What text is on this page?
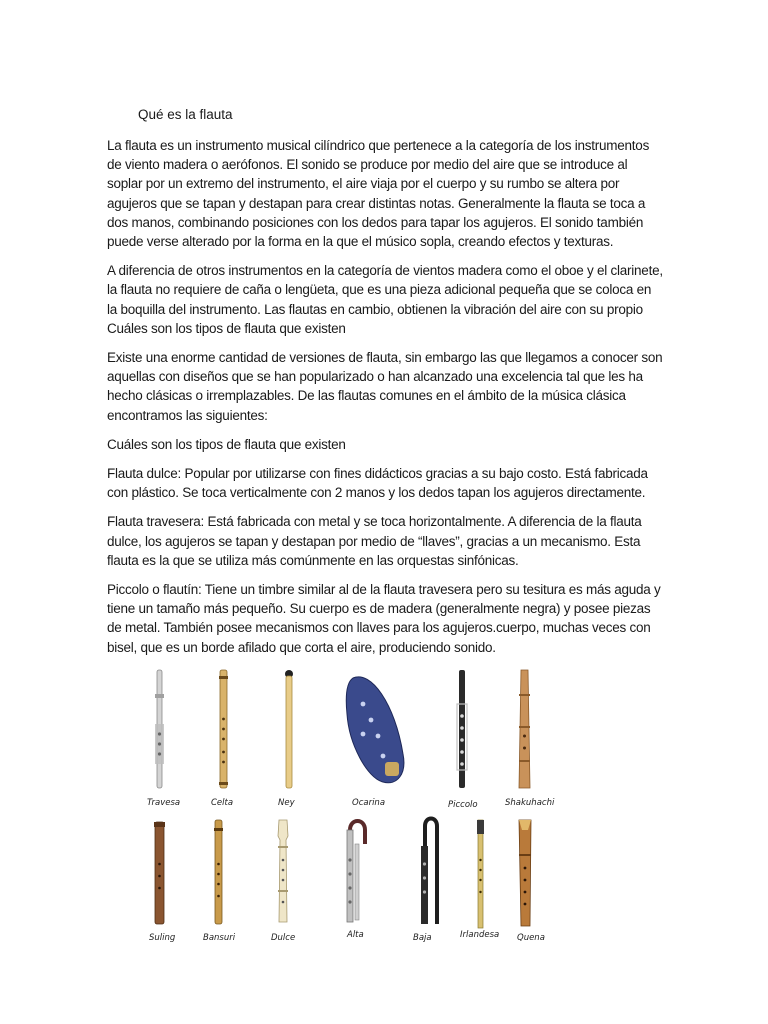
Qué es la flauta

La flauta es un instrumento musical cilíndrico que pertenece a la categoría de los instrumentos de viento madera o aerófonos. El sonido se produce por medio del aire que se introduce al soplar por un extremo del instrumento, el aire viaja por el cuerpo y su rumbo se altera por agujeros que se tapan y destapan para crear distintas notas. Generalmente la flauta se toca a dos manos, combinando posiciones con los dedos para tapar los agujeros. El sonido también puede verse alterado por la forma en la que el músico sopla, creando efectos y texturas.

A diferencia de otros instrumentos en la categoría de vientos madera como el oboe y el clarinete, la flauta no requiere de caña o lengüeta, que es una pieza adicional pequeña que se coloca en la boquilla del instrumento. Las flautas en cambio, obtienen la vibración del aire con su propio Cuáles son los tipos de flauta que existen

Existe una enorme cantidad de versiones de flauta, sin embargo las que llegamos a conocer son aquellas con diseños que se han popularizado o han alcanzado una excelencia tal que les ha hecho clásicas o irremplazables. De las flautas comunes en el ámbito de la música clásica encontramos las siguientes:

Cuáles son los tipos de flauta que existen

Flauta dulce: Popular por utilizarse con fines didácticos gracias a su bajo costo. Está fabricada con plástico. Se toca verticalmente con 2 manos y los dedos tapan los agujeros directamente.

Flauta travesera: Está fabricada con metal y se toca horizontalmente. A diferencia de la flauta dulce, los agujeros se tapan y destapan por medio de “llaves”, gracias a un mecanismo. Esta flauta es la que se utiliza más comúnmente en las orquestas sinfónicas.

Piccolo o flautín: Tiene un timbre similar al de la flauta travesera pero su tesitura es más aguda y tiene un tamaño más pequeño. Su cuerpo es de madera (generalmente negra) y posee piezas de metal. También posee mecanismos con llaves para los agujeros.cuerpo, muchas veces con bisel, que es un borde afilado que corta el aire, produciendo sonido.

Travesa	Celta	Ney	Ocarina	Piccolo	Shakuhachi
Suling	Bansuri	Dulce	Alta	Baja	Irlandesa Quena
